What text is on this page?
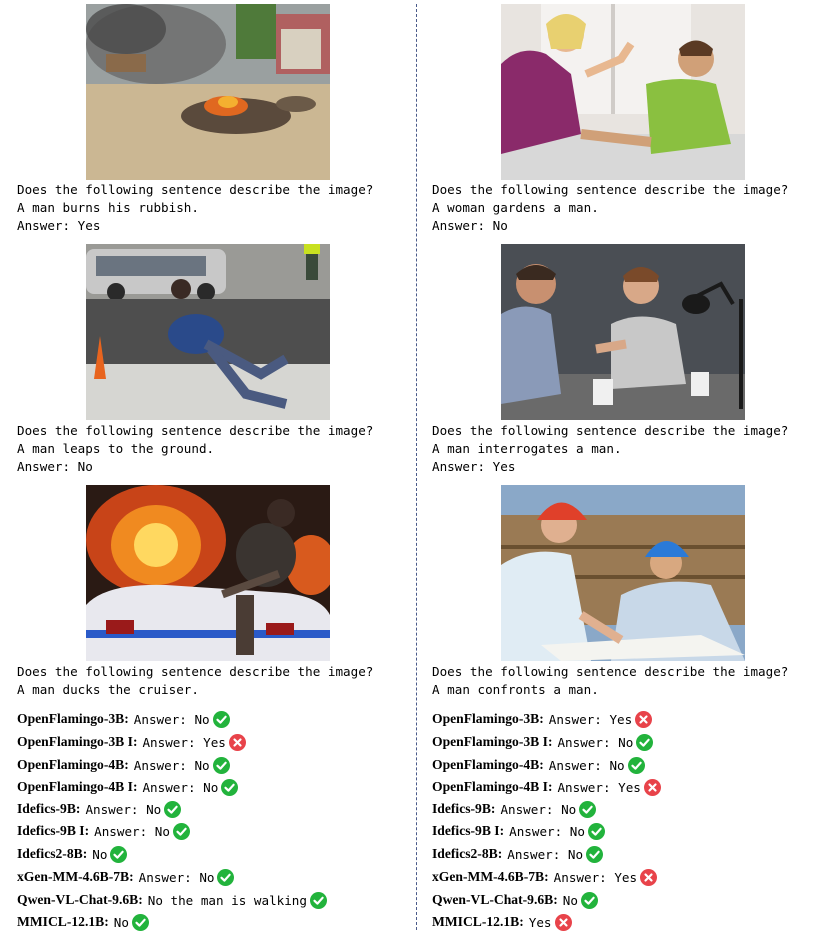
Does the following sentence describe the image?
A man burns his rubbish.
Answer: Yes
Does the following sentence describe the image?
A man leaps to the ground.
Answer: No
Does the following sentence describe the image?
A man ducks the cruiser.
OpenFlamingo-3B: Answer: No
OpenFlamingo-3B I: Answer: Yes
OpenFlamingo-4B: Answer: No
OpenFlamingo-4B I: Answer: No
Idefics-9B: Answer: No
Idefics-9B I: Answer: No
Idefics2-8B: No
xGen-MM-4.6B-7B: Answer: No
Qwen-VL-Chat-9.6B: No the man is walking
MMICL-12.1B: No
Does the following sentence describe the image?
A woman gardens a man.
Answer: No
Does the following sentence describe the image?
A man interrogates a man.
Answer: Yes
Does the following sentence describe the image?
A man confronts a man.
OpenFlamingo-3B: Answer: Yes
OpenFlamingo-3B I: Answer: No
OpenFlamingo-4B: Answer: No
OpenFlamingo-4B I: Answer: Yes
Idefics-9B: Answer: No
Idefics-9B I: Answer: No
Idefics2-8B: Answer: No
xGen-MM-4.6B-7B: Answer: Yes
Qwen-VL-Chat-9.6B: No
MMICL-12.1B: Yes
